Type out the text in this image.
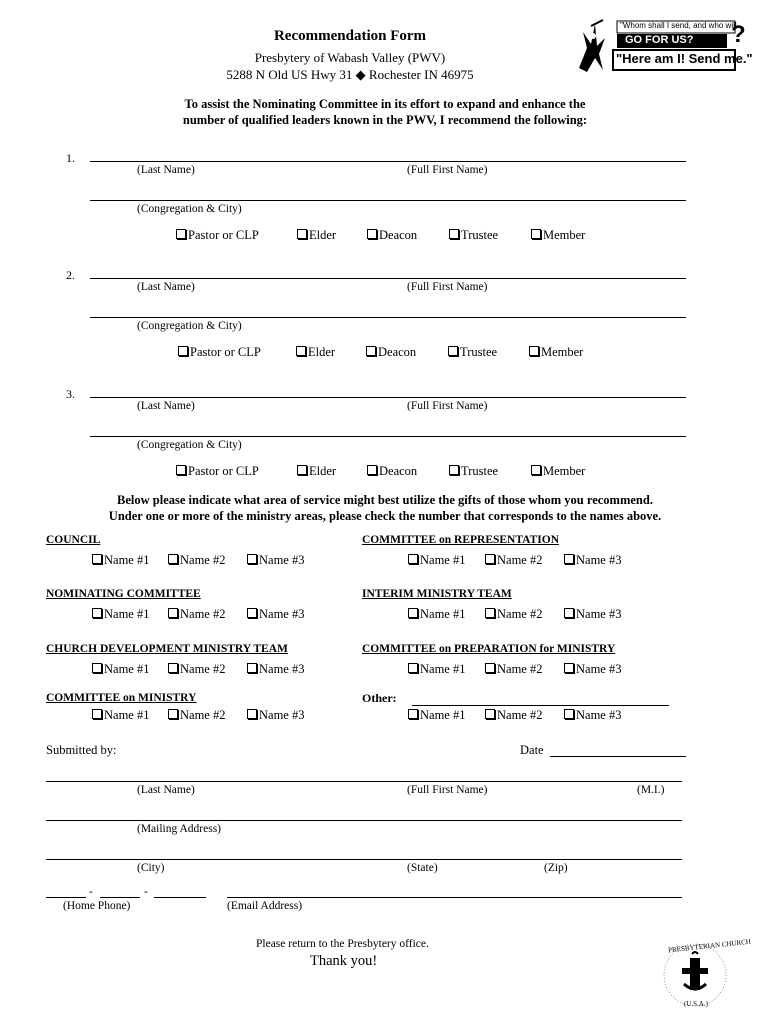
Recommendation Form
Presbytery of Wabash Valley (PWV)
5288 N Old US Hwy 31 ◆ Rochester IN 46975
?
"Whom shall I send, and who will
GO FOR US?
"Here am I! Send me."
To assist the Nominating Committee in its effort to expand and enhance the
number of qualified leaders known in the PWV, I recommend the following:
1.
(Last Name)	(Full First Name)
(Congregation & City)
Pastor or CLP	Elder	Deacon	Trustee	Member
2.
(Last Name)	(Full First Name)
(Congregation & City)
Pastor or CLP	Elder	Deacon	Trustee	Member
3.
(Last Name)	(Full First Name)
(Congregation & City)
Pastor or CLP	Elder	Deacon	Trustee	Member
Below please indicate what area of service might best utilize the gifts of those whom you recommend.
Under one or more of the ministry areas, please check the number that corresponds to the names above.
COUNCIL
Name #1	Name #2	Name #3
NOMINATING COMMITTEE
Name #1	Name #2	Name #3
CHURCH DEVELOPMENT MINISTRY TEAM
Name #1	Name #2	Name #3
COMMITTEE on MINISTRY
Name #1	Name #2	Name #3
COMMITTEE on REPRESENTATION
Name #1	Name #2	Name #3
INTERIM MINISTRY TEAM
Name #1	Name #2	Name #3
COMMITTEE on PREPARATION for MINISTRY
Name #1	Name #2	Name #3
Other:
Name #1	Name #2	Name #3
Submitted by:	Date
(Last Name)	(Full First Name)	(M.I.)
(Mailing Address)
(City)	(State)	(Zip)
-	-
(Home Phone)	(Email Address)
Please return to the Presbytery office.
Thank you!
PRESBYTERIAN CHURCH
(U.S.A.)
